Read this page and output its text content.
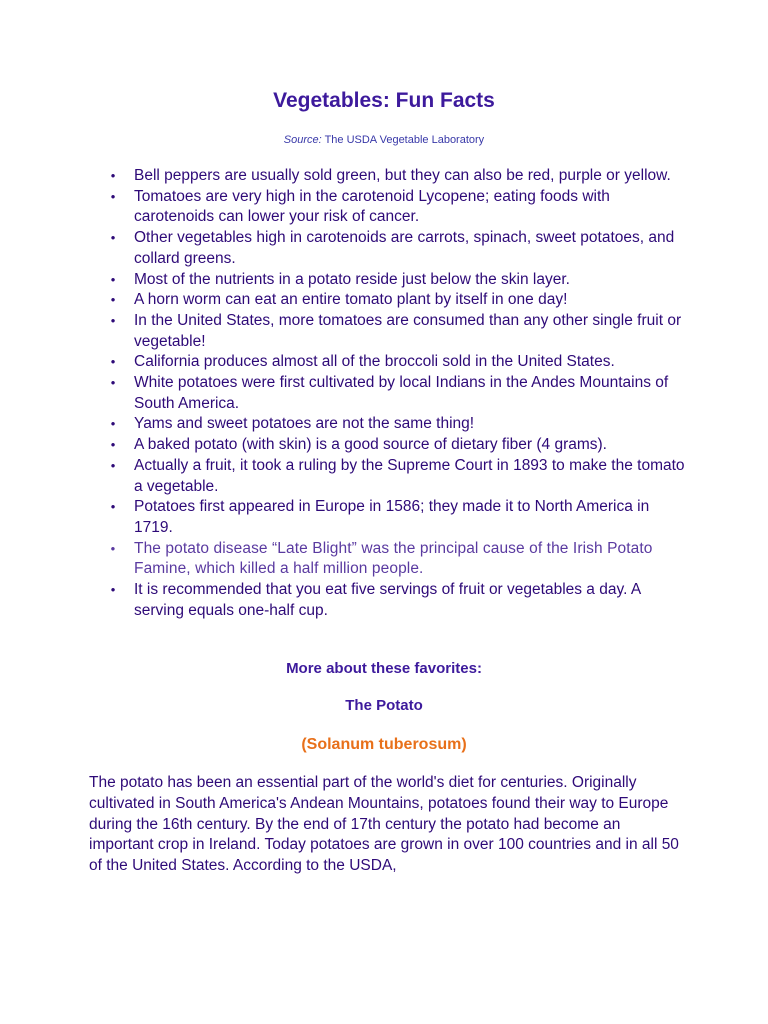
Vegetables: Fun Facts
Source: The USDA Vegetable Laboratory
• Bell peppers are usually sold green, but they can also be red, purple or yellow.
• Tomatoes are very high in the carotenoid Lycopene; eating foods with carotenoids can lower your risk of cancer.
• Other vegetables high in carotenoids are carrots, spinach, sweet potatoes, and collard greens.
• Most of the nutrients in a potato reside just below the skin layer.
• A horn worm can eat an entire tomato plant by itself in one day!
• In the United States, more tomatoes are consumed than any other single fruit or vegetable!
• California produces almost all of the broccoli sold in the United States.
• White potatoes were first cultivated by local Indians in the Andes Mountains of South America.
• Yams and sweet potatoes are not the same thing!
• A baked potato (with skin) is a good source of dietary fiber (4 grams).
• Actually a fruit, it took a ruling by the Supreme Court in 1893 to make the tomato a vegetable.
• Potatoes first appeared in Europe in 1586; they made it to North America in 1719.
• The potato disease “Late Blight” was the principal cause of the Irish Potato Famine, which killed a half million people.
• It is recommended that you eat five servings of fruit or vegetables a day. A serving equals one-half cup.
More about these favorites:
The Potato
(Solanum tuberosum)

The potato has been an essential part of the world's diet for centuries. Originally cultivated in South America's Andean Mountains, potatoes found their way to Europe during the 16th century. By the end of 17th century the potato had become an important crop in Ireland. Today potatoes are grown in over 100 countries and in all 50 of the United States. According to the USDA,
